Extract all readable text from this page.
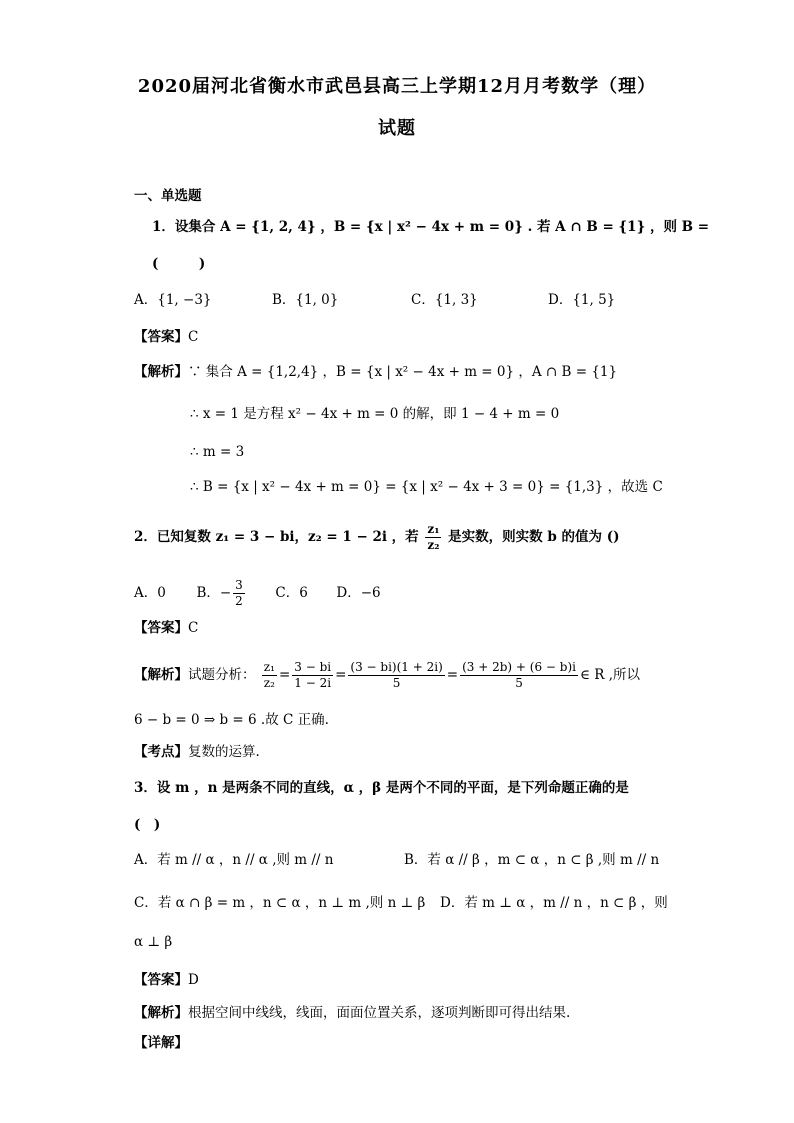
2020届河北省衡水市武邑县高三上学期12月月考数学（理）
试题
一、单选题
1．设集合 A = {1, 2, 4} ，B = {x | x² − 4x + m = 0} . 若 A ∩ B = {1} ，则 B =
(　　　)
A．{1, −3}	B．{1, 0}	C．{1, 3}	D．{1, 5}
【答案】C
【解析】∵ 集合 A = {1,2,4} ，B = {x | x² − 4x + m = 0} ，A ∩ B = {1}
∴ x = 1 是方程 x² − 4x + m = 0 的解，即 1 − 4 + m = 0
∴ m = 3
∴ B = {x | x² − 4x + m = 0} = {x | x² − 4x + 3 = 0} = {1,3} ，故选 C
2．已知复数 z₁ = 3 − bi，z₂ = 1 − 2i ，若 $\frac{\text{z₁}}{\text{z₂}}$ 是实数，则实数 b 的值为 ()
A．0 B．− $\frac{3}{2}$ C．6 D．−6
【答案】C
【解析】试题分析： $\frac{\text{z₁}}{\text{z₂}} = \frac{3 - bi}{1 - 2i} = \frac{(3 - bi)(1 + 2i)}{5} = \frac{(3 + 2b) + (6 - b)i}{5}$ ∈ R ,所以
6 − b = 0 ⇒ b = 6 .故 C 正确.
【考点】复数的运算.
3．设 m ，n 是两条不同的直线，α ，β 是两个不同的平面，是下列命题正确的是
(　)
A．若 m // α ，n // α ,则 m // n	B．若 α // β ，m ⊂ α ，n ⊂ β ,则 m // n
C．若 α ∩ β = m ，n ⊂ α ，n ⊥ m ,则 n ⊥ β D．若 m ⊥ α ，m // n ，n ⊂ β ，则
α ⊥ β
【答案】D
【解析】根据空间中线线，线面，面面位置关系，逐项判断即可得出结果.
【详解】
